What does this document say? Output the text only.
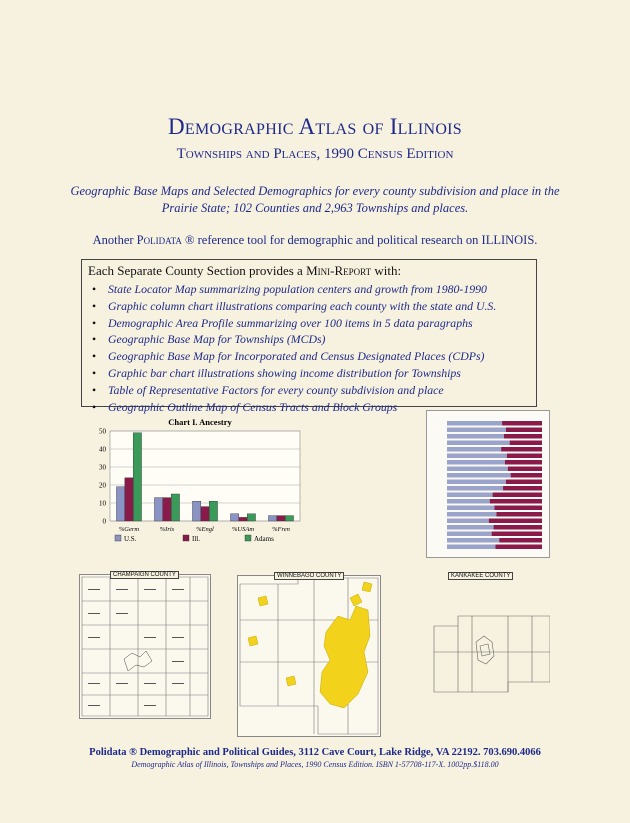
Demographic Atlas of Illinois
Townships and Places, 1990 Census Edition
Geographic Base Maps and Selected Demographics for every county subdivision and place in the Prairie State; 102 Counties and 2,963 Townships and places.
Another Polidata ® reference tool for demographic and political research on ILLINOIS.
Each Separate County Section provides a Mini-Report with:
• State Locator Map summarizing population centers and growth from 1980-1990
• Graphic column chart illustrations comparing each county with the state and U.S.
• Demographic Area Profile summarizing over 100 items in 5 data paragraphs
• Geographic Base Map for Townships (MCDs)
• Geographic Base Map for Incorporated and Census Designated Places (CDPs)
• Graphic bar chart illustrations showing income distribution for Townships
• Table of Representative Factors for every county subdivision and place
• Geographic Outline Map of Census Tracts and Block Groups
Chart I. Ancestry
0
10
20
30
40
50
%Germ	%Iris	%Engl	%USAm	%Fren
U.S.	Ill.	Adams
CHAMPAIGN COUNTY	WINNEBAGO COUNTY	KANKAKEE COUNTY
Polidata ® Demographic and Political Guides, 3112 Cave Court, Lake Ridge, VA 22192. 703.690.4066
Demographic Atlas of Illinois, Townships and Places, 1990 Census Edition. ISBN 1-57708-117-X. 1002pp.$118.00
